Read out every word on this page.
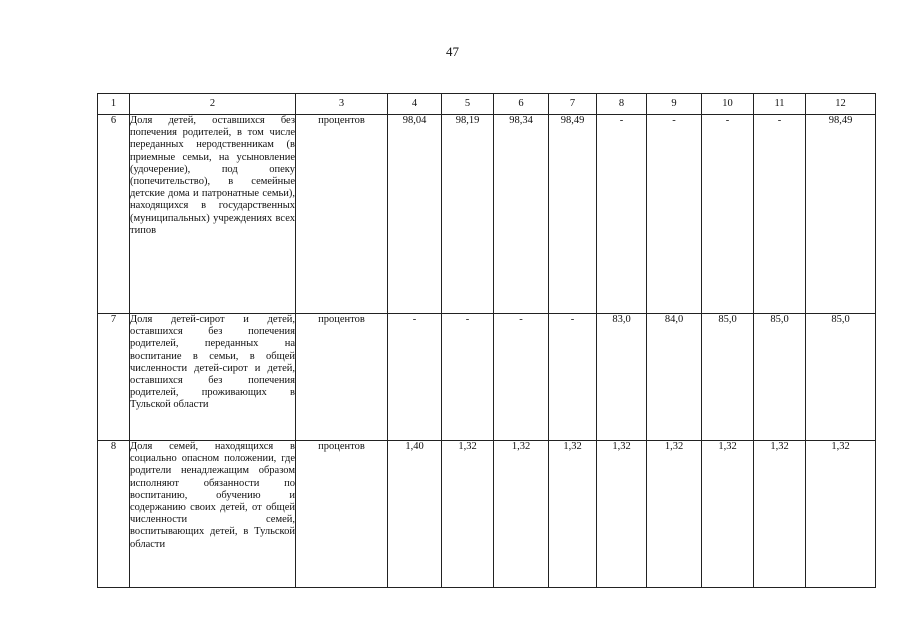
47
1	2	3	4	5	6	7	8	9	10	11	12
6	Доля детей, оставшихся без попечения родителей, в том числе переданных неродственникам (в приемные семьи, на усыновление (удочерение), под опеку (попечительство), в семейные детские дома и патронатные семьи), находящихся в государственных (муниципальных) учреждениях всех типов	процентов	98,04	98,19	98,34	98,49	-	-	-	-	98,49
7	Доля детей-сирот и детей, оставшихся без попечения родителей, переданных на воспитание в семьи, в общей численности детей-сирот и детей, оставшихся без попечения родителей, проживающих в Тульской области	процентов	-	-	-	-	83,0	84,0	85,0	85,0	85,0
8	Доля семей, находящихся в социально опасном положении, где родители ненадлежащим образом исполняют обязанности по воспитанию, обучению и содержанию своих детей, от общей численности семей, воспитывающих детей, в Тульской области	процентов	1,40	1,32	1,32	1,32	1,32	1,32	1,32	1,32	1,32
